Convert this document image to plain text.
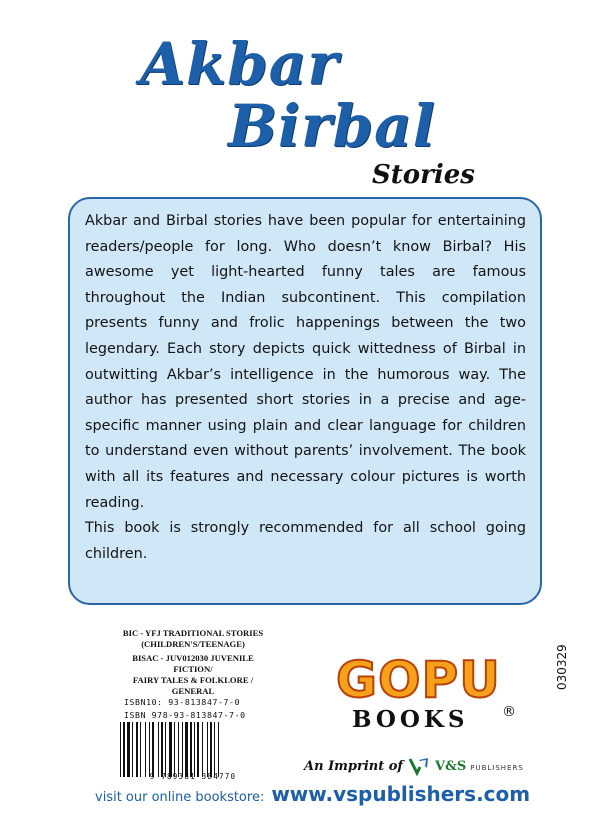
Akbar
Birbal
Stories

Akbar and Birbal stories have been popular for entertaining readers/people for long. Who doesn’t know Birbal? His awesome yet light-hearted funny tales are famous throughout the Indian subcontinent. This compilation presents funny and frolic happenings between the two legendary. Each story depicts quick wittedness of Birbal in outwitting Akbar’s intelligence in the humorous way. The author has presented short stories in a precise and age-specific manner using plain and clear language for children to understand even without parents’ involvement. The book with all its features and necessary colour pictures is worth reading.

This book is strongly recommended for all school going children.

BIC - YFJ TRADITIONAL STORIES
(CHILDREN'S/TEENAGE)
BISAC - JUV012030 JUVENILE FICTION/
FAIRY TALES & FOLKLORE / GENERAL
ISBN10: 93-813847-7-0
ISBN 978-93-813847-7-0
9 789381 384770
GOPU
BOOKS ®
An Imprint of V&S PUBLISHERS
030329
visit our online bookstore: www.vspublishers.com
